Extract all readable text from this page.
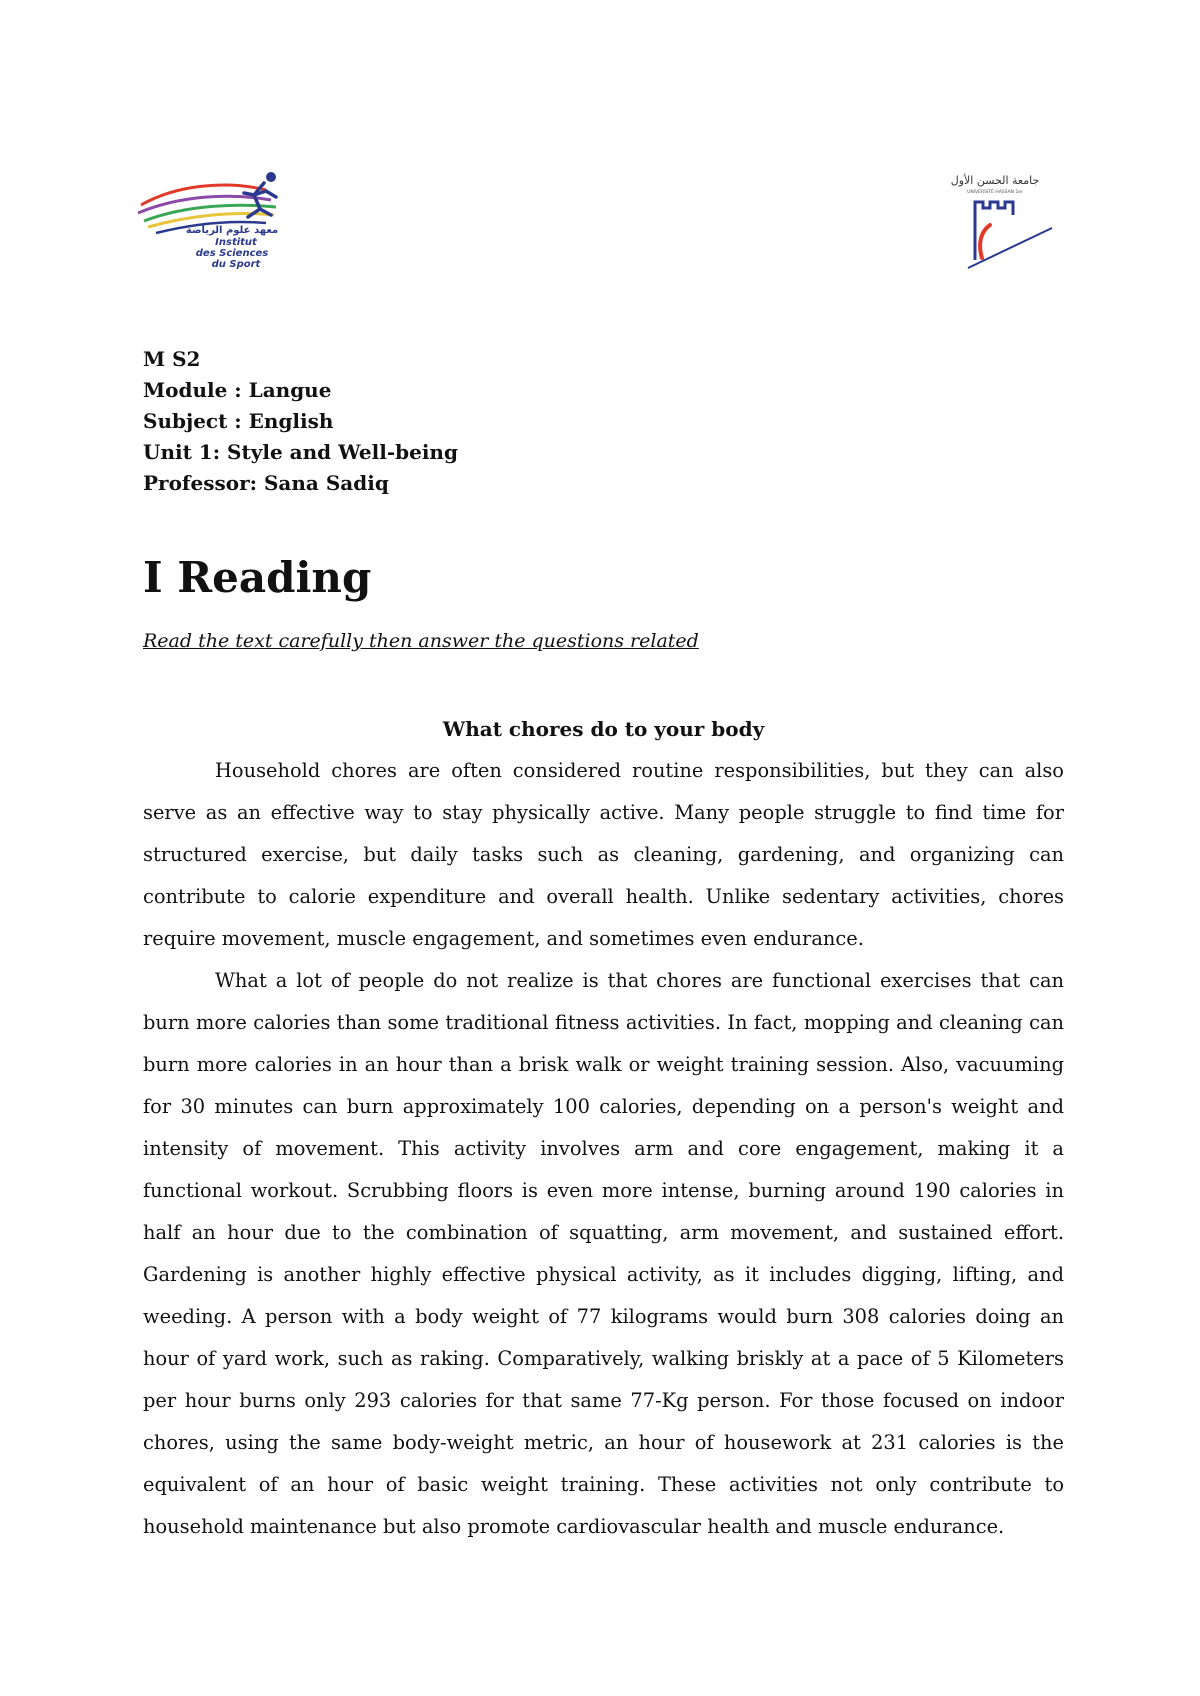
معهد علوم الرياضة
Institut
des Sciences
du Sport
جامعة الحسن الأول
UNIVERSITÉ HASSAN 1er
M S2
Module : Langue
Subject : English
Unit 1: Style and Well-being
Professor: Sana Sadiq
I Reading
Read the text carefully then answer the questions related
What chores do to your body

Household chores are often considered routine responsibilities, but they can also serve as an effective way to stay physically active. Many people struggle to find time for structured exercise, but daily tasks such as cleaning, gardening, and organizing can contribute to calorie expenditure and overall health. Unlike sedentary activities, chores require movement, muscle engagement, and sometimes even endurance.

What a lot of people do not realize is that chores are functional exercises that can burn more calories than some traditional fitness activities. In fact, mopping and cleaning can burn more calories in an hour than a brisk walk or weight training session. Also, vacuuming for 30 minutes can burn approximately 100 calories, depending on a person's weight and intensity of movement. This activity involves arm and core engagement, making it a functional workout. Scrubbing floors is even more intense, burning around 190 calories in half an hour due to the combination of squatting, arm movement, and sustained effort. Gardening is another highly effective physical activity, as it includes digging, lifting, and weeding. A person with a body weight of 77 kilograms would burn 308 calories doing an hour of yard work, such as raking. Comparatively, walking briskly at a pace of 5 Kilometers per hour burns only 293 calories for that same 77-Kg person. For those focused on indoor chores, using the same body-weight metric, an hour of housework at 231 calories is the equivalent of an hour of basic weight training. These activities not only contribute to household maintenance but also promote cardiovascular health and muscle endurance.
